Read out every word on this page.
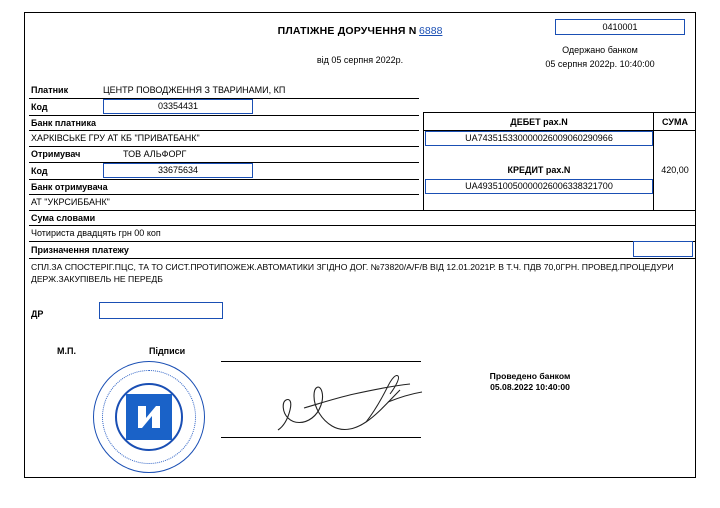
ПЛАТІЖНЕ ДОРУЧЕННЯ N 6888
від 05 серпня 2022р.
0410001
Одержано банком
05 серпня 2022р. 10:40:00
Платник	ЦЕНТР ПОВОДЖЕННЯ З ТВАРИНАМИ, КП
Код	03354431
Банк платника
ХАРКІВСЬКЕ ГРУ АТ КБ "ПРИВАТБАНК"
Отримувач	ТОВ АЛЬФОРГ
Код	33675634
Банк отримувача
АТ "УКРСИББАНК"
ДЕБЕТ рах.N
UA743515330000026009060290966
КРЕДИТ рах.N
UA493510050000026006338321700
СУМА
420,00
Сума словами
Чотириста двадцять грн 00 коп
Призначення платежу
СПЛ.ЗА СПОСТЕРІГ.ПЦС, ТА ТО СИСТ.ПРОТИПОЖЕЖ.АВТОМАТИКИ ЗГІДНО ДОГ. №73820/A/F/B ВІД 12.01.2021Р. В Т.Ч. ПДВ 70,0ГРН. ПРОВЕД.ПРОЦЕДУРИ ДЕРЖ.ЗАКУПІВЕЛЬ НЕ ПЕРЕДБ
ДР
М.П.	Підписи
Проведено банком
05.08.2022 10:40:00
